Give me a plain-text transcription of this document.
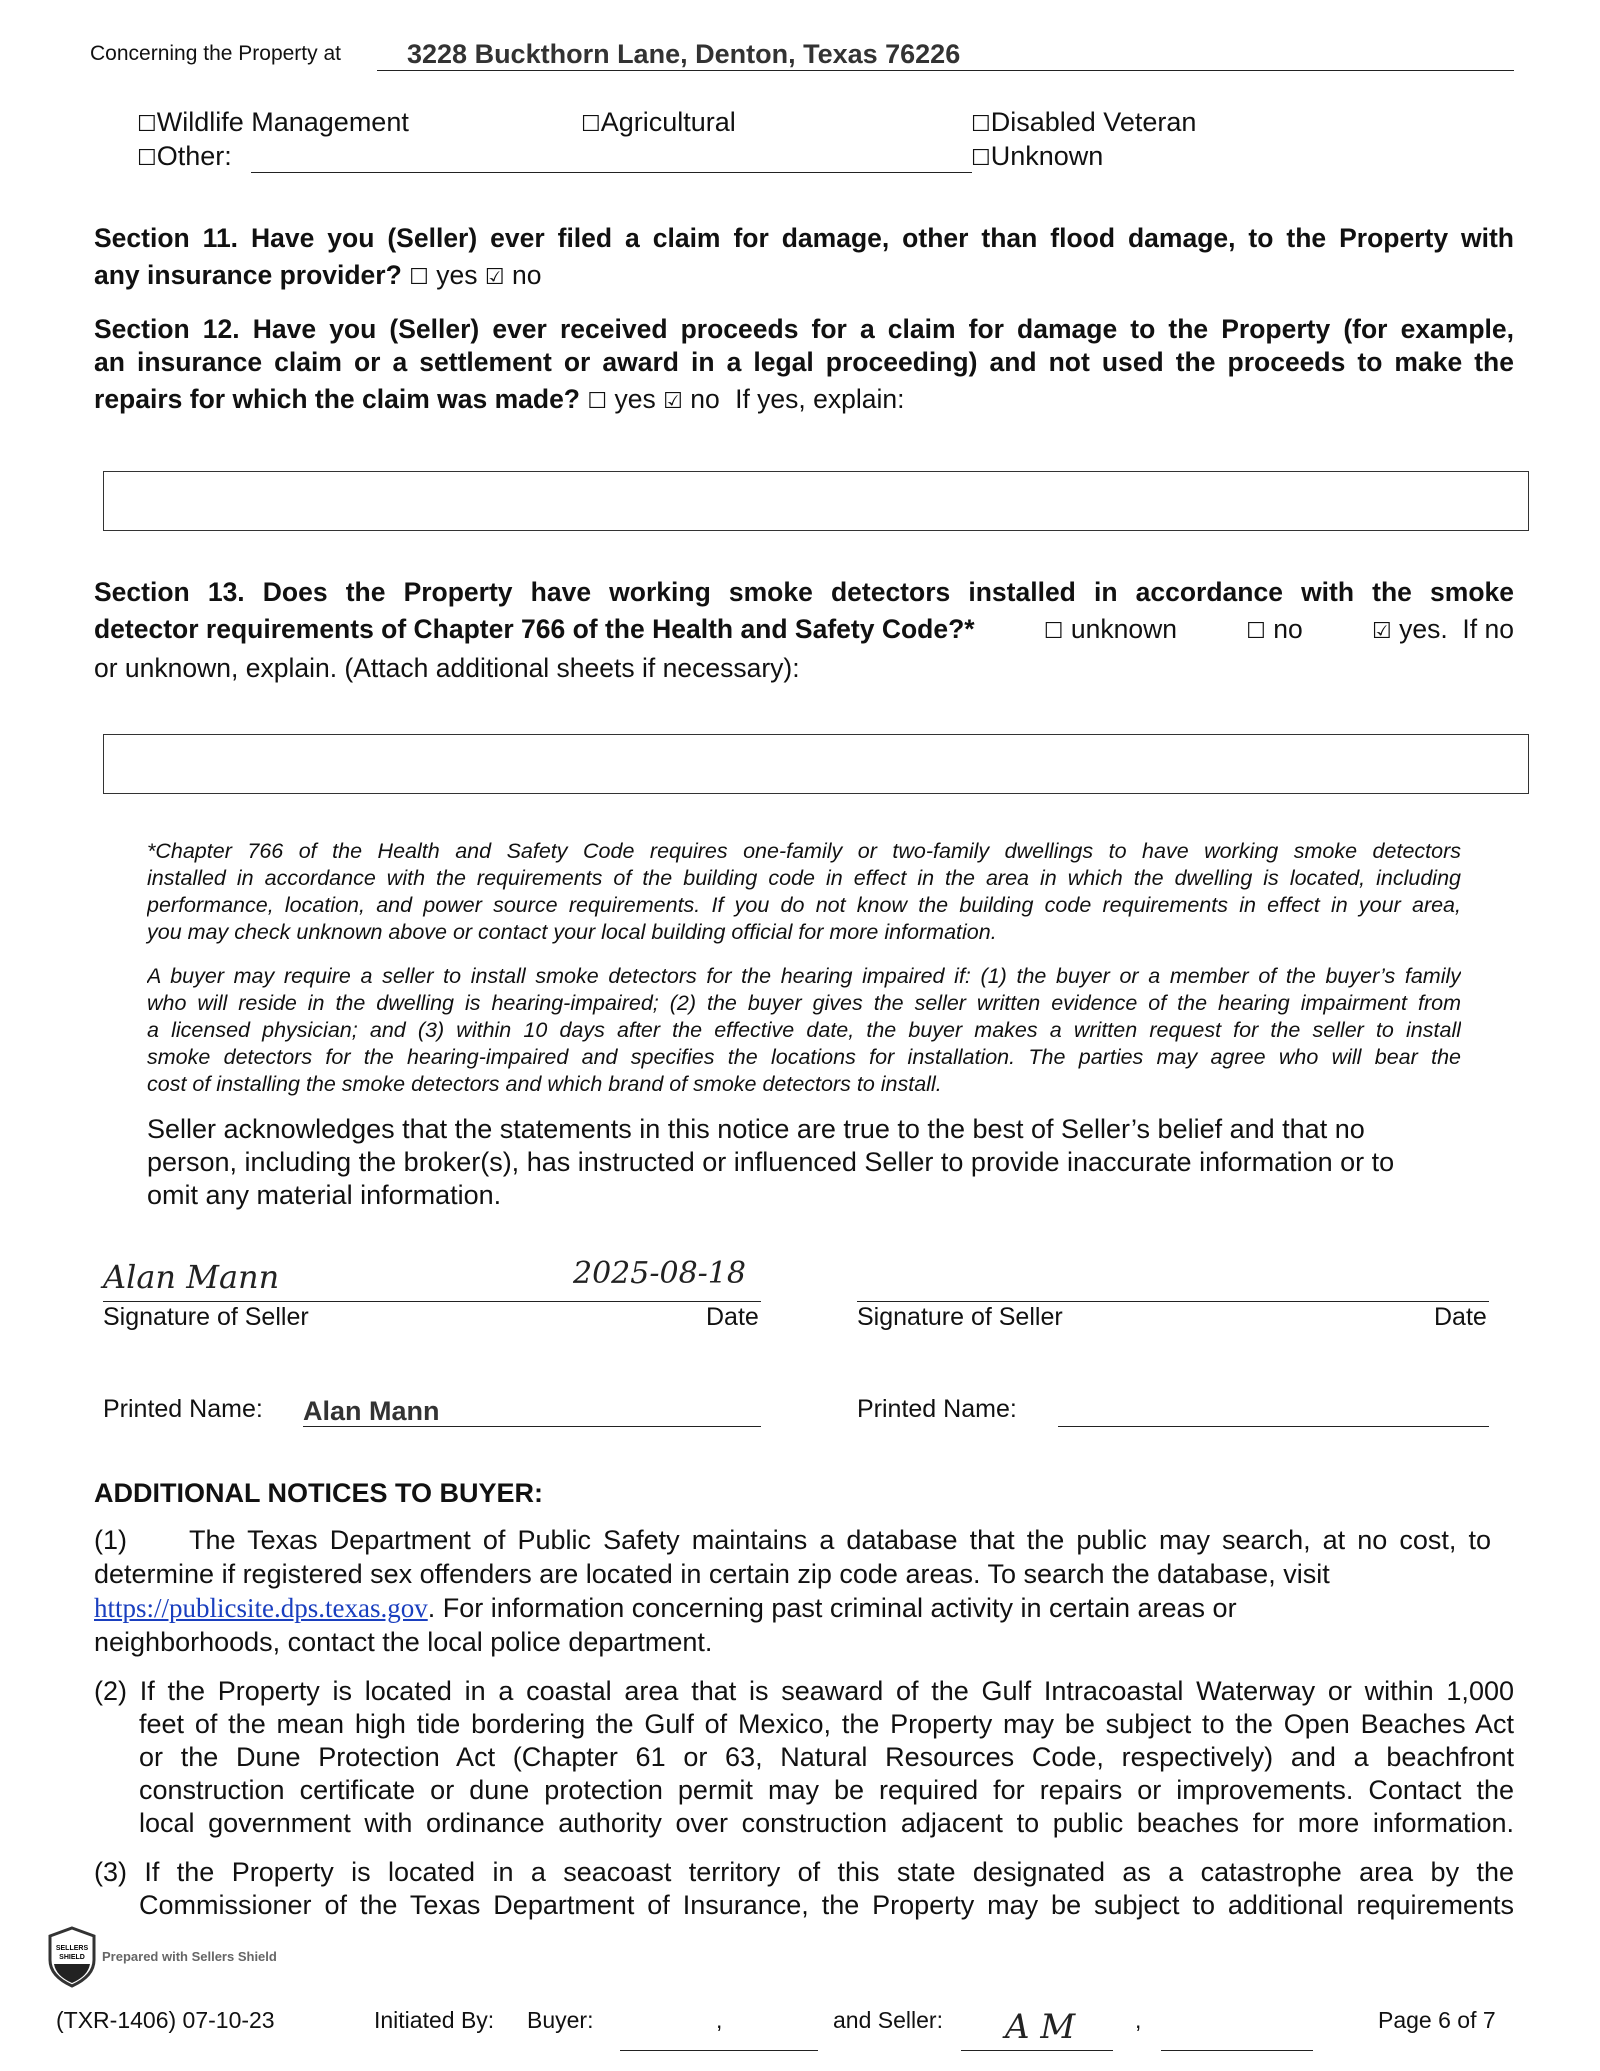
Concerning the Property at 3228 Buckthorn Lane, Denton, Texas 76226
☐Wildlife Management	☐Agricultural	☐Disabled Veteran
☐Other:	☐Unknown
Section 11. Have you (Seller) ever filed a claim for damage, other than flood damage, to the Property with
any insurance provider? ☐ yes ☑ no
Section 12. Have you (Seller) ever received proceeds for a claim for damage to the Property (for example,
an insurance claim or a settlement or award in a legal proceeding) and not used the proceeds to make the
repairs for which the claim was made? ☐ yes ☑ no If yes, explain:
Section 13. Does the Property have working smoke detectors installed in accordance with the smoke
detector requirements of Chapter 766 of the Health and Safety Code?*	☐ unknown	☐ no	☑ yes. If no
or unknown, explain. (Attach additional sheets if necessary):
*Chapter 766 of the Health and Safety Code requires one-family or two-family dwellings to have working smoke detectors
installed in accordance with the requirements of the building code in effect in the area in which the dwelling is located, including
performance, location, and power source requirements. If you do not know the building code requirements in effect in your area,
you may check unknown above or contact your local building official for more information.
A buyer may require a seller to install smoke detectors for the hearing impaired if: (1) the buyer or a member of the buyer’s family
who will reside in the dwelling is hearing-impaired; (2) the buyer gives the seller written evidence of the hearing impairment from
a licensed physician; and (3) within 10 days after the effective date, the buyer makes a written request for the seller to install
smoke detectors for the hearing-impaired and specifies the locations for installation. The parties may agree who will bear the
cost of installing the smoke detectors and which brand of smoke detectors to install.
Seller acknowledges that the statements in this notice are true to the best of Seller’s belief and that no
person, including the broker(s), has instructed or influenced Seller to provide inaccurate information or to
omit any material information.
Alan Mann	2025-08-18
Signature of Seller	Date	Signature of Seller	Date
Printed Name: Alan Mann	Printed Name:
ADDITIONAL NOTICES TO BUYER:
(1) The Texas Department of Public Safety maintains a database that the public may search, at no cost, to
determine if registered sex offenders are located in certain zip code areas. To search the database, visit
https://publicsite.dps.texas.gov. For information concerning past criminal activity in certain areas or
neighborhoods, contact the local police department.
(2) If the Property is located in a coastal area that is seaward of the Gulf Intracoastal Waterway or within 1,000
feet of the mean high tide bordering the Gulf of Mexico, the Property may be subject to the Open Beaches Act
or the Dune Protection Act (Chapter 61 or 63, Natural Resources Code, respectively) and a beachfront
construction certificate or dune protection permit may be required for repairs or improvements. Contact the
local government with ordinance authority over construction adjacent to public beaches for more information.
(3) If the Property is located in a seacoast territory of this state designated as a catastrophe area by the
Commissioner of the Texas Department of Insurance, the Property may be subject to additional requirements
SELLERS
SHIELD Prepared with Sellers Shield
(TXR-1406) 07-10-23	Initiated By: Buyer:	,	and Seller: A M	,	Page 6 of 7
